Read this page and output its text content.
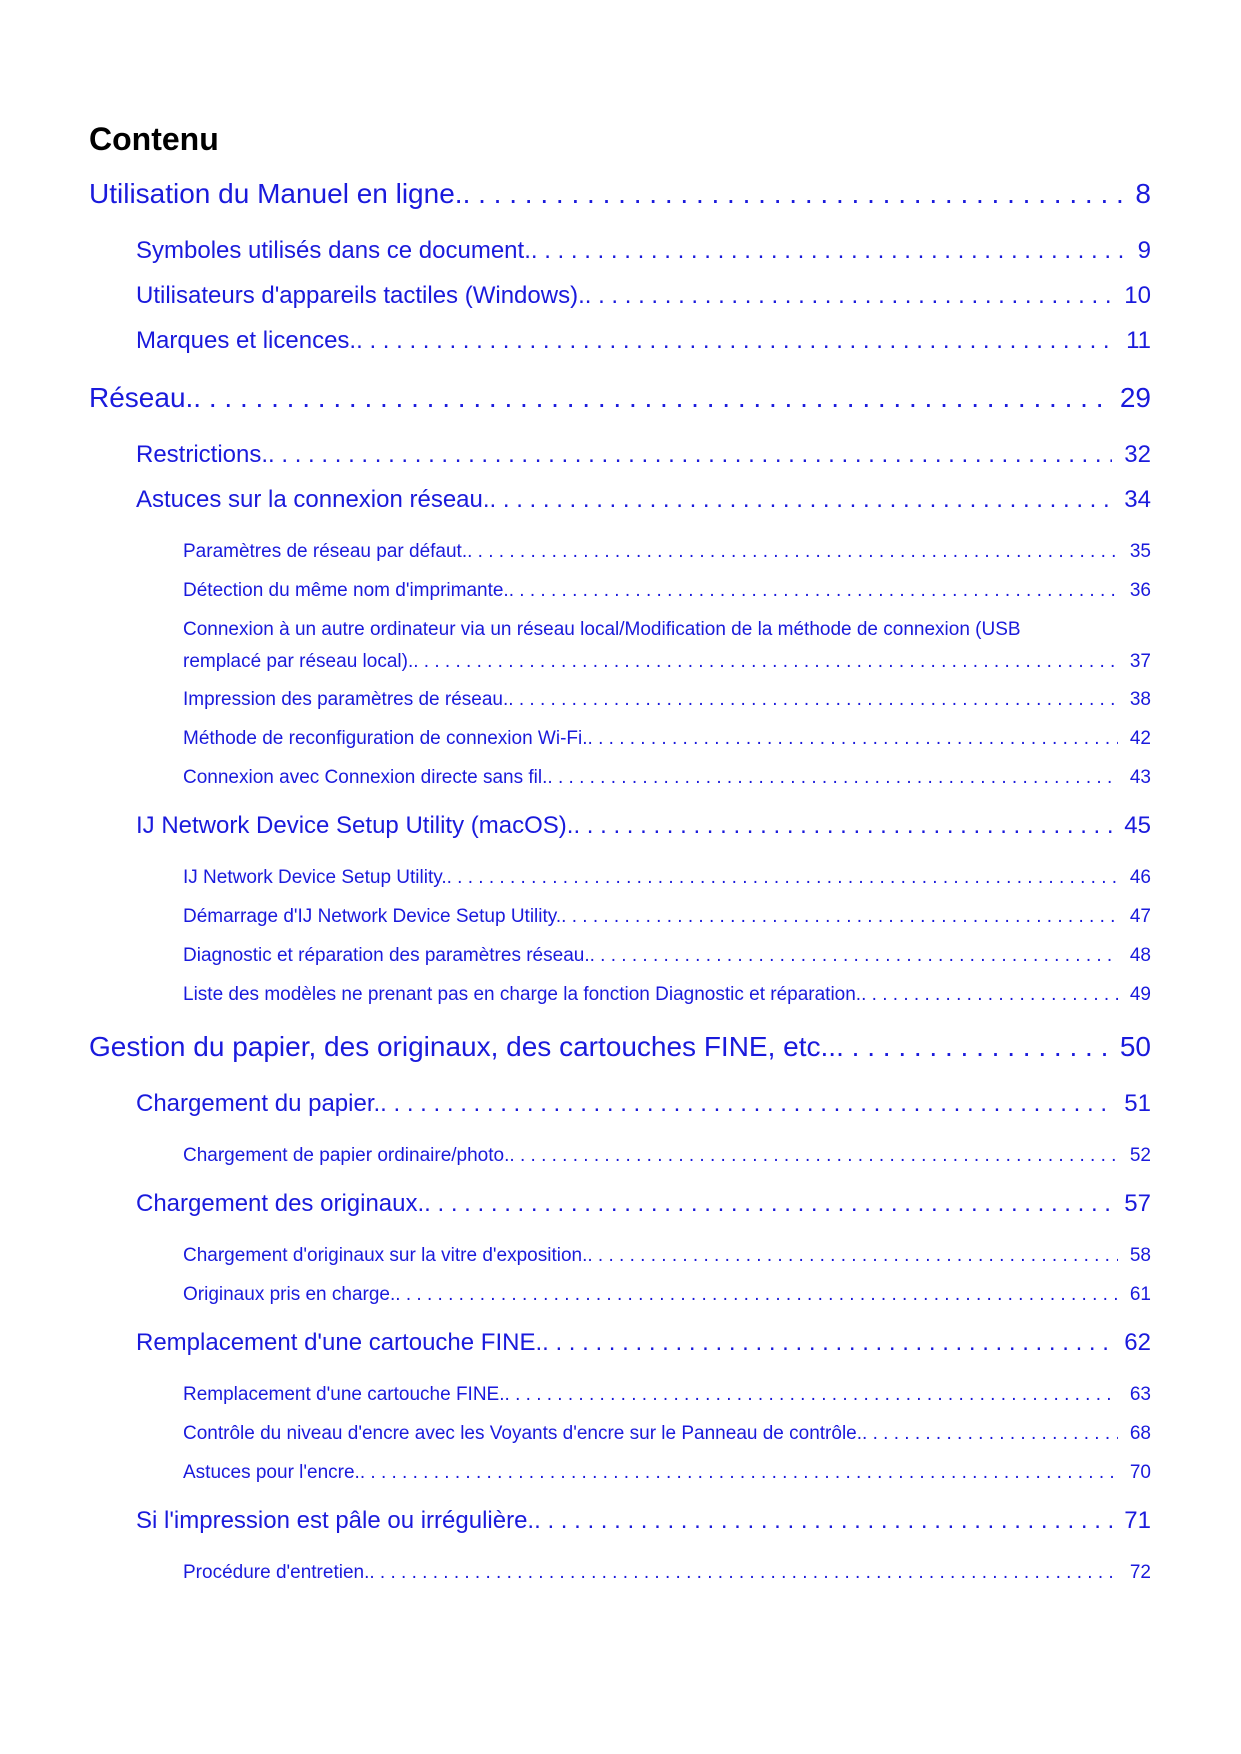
Contenu
Utilisation du Manuel en ligne. . . .	8
Symboles utilisés dans ce document. . . .	9
Utilisateurs d'appareils tactiles (Windows). . . .	10
Marques et licences. . . .	11
Réseau. . . .	29
Restrictions. . . .	32
Astuces sur la connexion réseau. . . .	34
Paramètres de réseau par défaut. . . .	35
Détection du même nom d'imprimante. . . .	36
Connexion à un autre ordinateur via un réseau local/Modification de la méthode de connexion (USB
remplacé par réseau local). . . .	37
Impression des paramètres de réseau. . . .	38
Méthode de reconfiguration de connexion Wi-Fi. . . .	42
Connexion avec Connexion directe sans fil. . . .	43
IJ Network Device Setup Utility (macOS). . . .	45
IJ Network Device Setup Utility. . . .	46
Démarrage d'IJ Network Device Setup Utility. . . .	47
Diagnostic et réparation des paramètres réseau. . . .	48
Liste des modèles ne prenant pas en charge la fonction Diagnostic et réparation. . . .	49
Gestion du papier, des originaux, des cartouches FINE, etc.. . . .	50
Chargement du papier. . . .	51
Chargement de papier ordinaire/photo. . . .	52
Chargement des originaux. . . .	57
Chargement d'originaux sur la vitre d'exposition. . . .	58
Originaux pris en charge. . . .	61
Remplacement d'une cartouche FINE. . . .	62
Remplacement d'une cartouche FINE. . . .	63
Contrôle du niveau d'encre avec les Voyants d'encre sur le Panneau de contrôle. . . .	68
Astuces pour l'encre. . . .	70
Si l'impression est pâle ou irrégulière. . . .	71
Procédure d'entretien. . . .	72
